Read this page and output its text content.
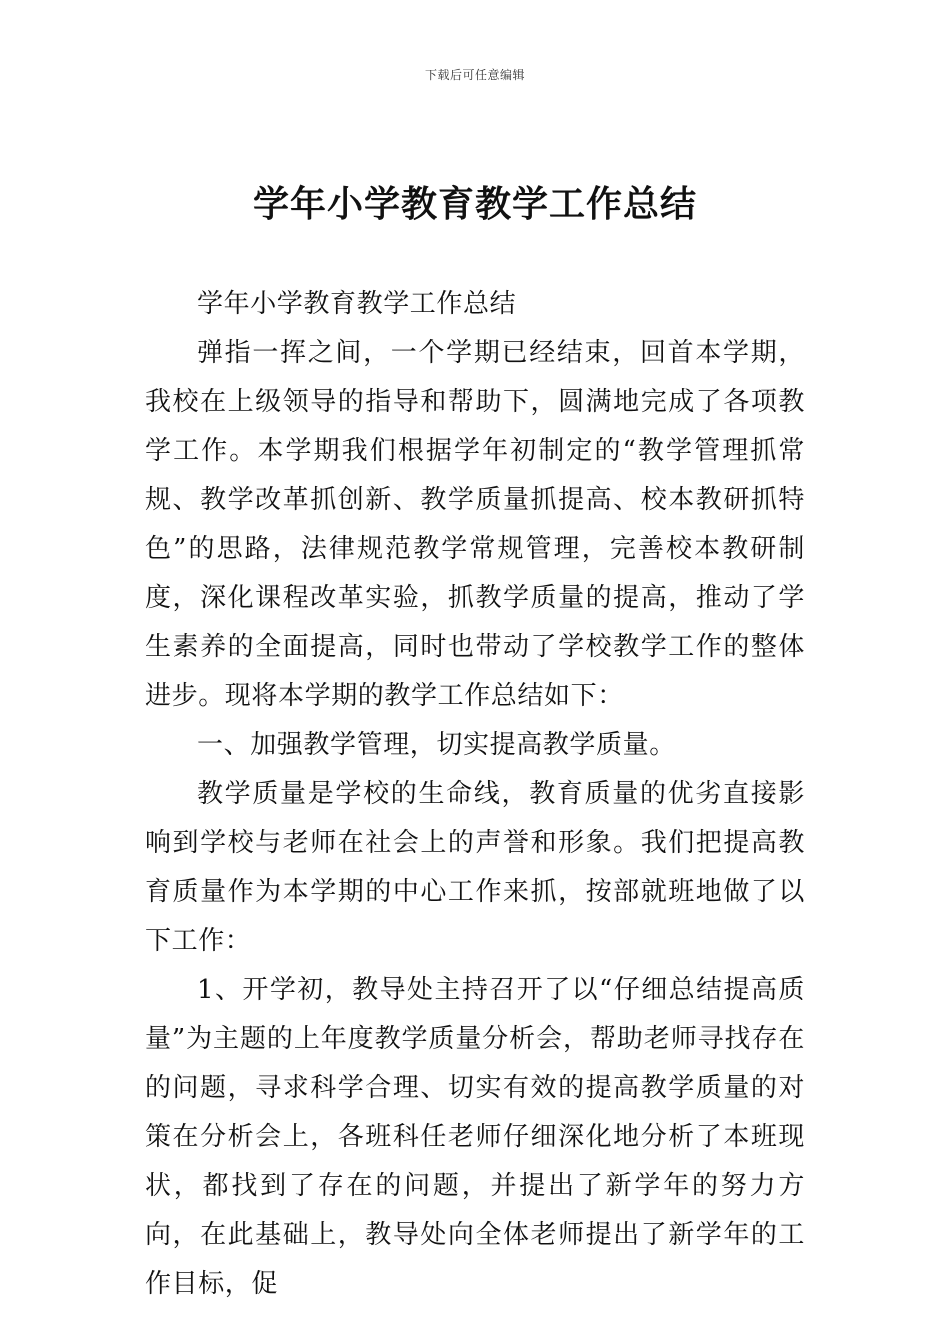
下载后可任意编辑
学年小学教育教学工作总结

学年小学教育教学工作总结

弹指一挥之间，一个学期已经结束，回首本学期，我校在上级领导的指导和帮助下，圆满地完成了各项教学工作。本学期我们根据学年初制定的“教学管理抓常规、教学改革抓创新、教学质量抓提高、校本教研抓特色”的思路，法律规范教学常规管理，完善校本教研制度，深化课程改革实验，抓教学质量的提高，推动了学生素养的全面提高，同时也带动了学校教学工作的整体进步。现将本学期的教学工作总结如下：

一、加强教学管理，切实提高教学质量。

教学质量是学校的生命线，教育质量的优劣直接影响到学校与老师在社会上的声誉和形象。我们把提高教育质量作为本学期的中心工作来抓，按部就班地做了以下工作：

1、开学初，教导处主持召开了以“仔细总结提高质量”为主题的上年度教学质量分析会，帮助老师寻找存在的问题，寻求科学合理、切实有效的提高教学质量的对策在分析会上，各班科任老师仔细深化地分析了本班现状，都找到了存在的问题，并提出了新学年的努力方向，在此基础上，教导处向全体老师提出了新学年的工作目标，促
